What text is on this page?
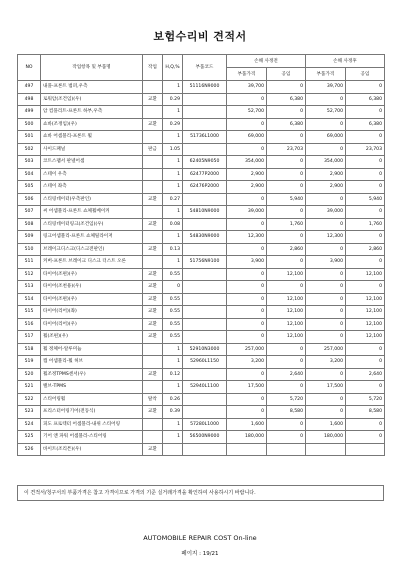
보험수리비 견적서
NO	작업항목 및 부품명	작업	H,Q,%	부품코드	손해 사정전		손해 사정후	
					부품가격	공임	부품가격	공임
497	내플-프론트 범퍼,우측		1	51116N9000	39,700	0	39,700	0
498	로워암(조건임)(우)	교환	0.29		0	6,380	0	6,380
499	암 컴플리트-프론트 하부,우측		1		52,700	0	52,700	0
500	쇼바(조정임)(우)	교환	0.29		0	6,380	0	6,380
501	쇼바 어셈블리-프론트 휠		1	51736L1000	69,000	0	69,000	0
502	사이드패널	판금	1.05		0	23,703	0	23,703
503	코트스팸서 판넬어셈		1	62405N9050	354,000	0	354,000	0
504	스테이 우측		1	62477P2000	2,900	0	2,900	0
505	스테이 좌측		1	62476P2000	2,900	0	2,900	0
506	스티링데이터(우측판인)	교환	0.27		0	5,940	0	5,940
507	씨 어셈블리-프론트 쇼체휠베이커		1	54810N9000	39,000	0	39,000	0
508	스티링데이터링크(조건임)(우)	교환	0.08		0	1,760	0	1,760
509	링크어셈블리-프론트 쇼체틸라이저		1	54830N9000	12,300	0	12,300	0
510	브레이크디스크(디스크전판인)	교환	0.13		0	2,860	0	2,860
511	커버-프론트 브레이크 디스크 더스트 오른		1	51756N9100	3,900	0	3,900	0
512	타이어(조편)(우)	교환	0.55		0	12,100	0	12,100
513	타이어(조천용)(우)	교환	0		0	0	0	0
514	타이어(조편)(우)	교환	0.55		0	12,100	0	12,100
515	타이어(리어)(좌)	교환	0.55		0	12,100	0	12,100
516	타이어(리어)(우)	교환	0.55		0	12,100	0	12,100
517	휠(조편)(우)	교환	0.55		0	12,100	0	12,100
518	휠 정체어-알루미늄		1	52910N3000	257,000	0	257,000	0
519	캡 어셈블리-휠 허브		1	52960L1150	3,200	0	3,200	0
520	휠조정TPMS센서(우)	교환	0.12		0	2,640	0	2,640
521	밸브-TPMS		1	52940L1100	17,500	0	17,500	0
522	스티어링휠	탈착	0.26		0	5,720	0	5,720
523	프리스터어링기어(전동식)	교환	0.39		0	8,580	0	8,580
524	피도 프로텍터 어셈블리-내위 스티어링		1	57280L1000	1,600	0	1,600	0
525	기어 앤 파워 어셈블리-스티어링		1	56500N9000	180,000	0	180,000	0
526	바이트(조리튼)(우)	교환						
이 견적서/청구서의 부품가격은 참고 가격이므로 가격의 기준 실거래가격을 확인하여 사용하시기 바랍니다.
AUTOMOBILE REPAIR COST On-line
페이지 : 19/21
